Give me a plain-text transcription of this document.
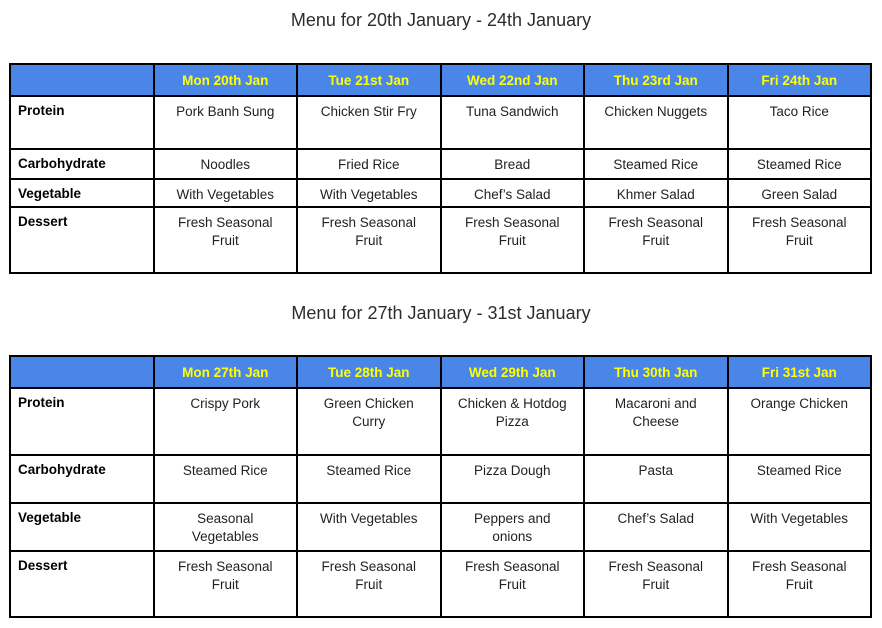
Menu for 20th January - 24th January
	Mon 20th Jan	Tue 21st Jan	Wed 22nd Jan	Thu 23rd Jan	Fri 24th Jan
Protein	Pork Banh Sung	Chicken Stir Fry	Tuna Sandwich	Chicken Nuggets	Taco Rice
Carbohydrate	Noodles	Fried Rice	Bread	Steamed Rice	Steamed Rice
Vegetable	With Vegetables	With Vegetables	Chef’s Salad	Khmer Salad	Green Salad
Dessert	Fresh Seasonal Fruit	Fresh Seasonal Fruit	Fresh Seasonal Fruit	Fresh Seasonal Fruit	Fresh Seasonal Fruit
Menu for 27th January - 31st January
	Mon 27th Jan	Tue 28th Jan	Wed 29th Jan	Thu 30th Jan	Fri 31st Jan
Protein	Crispy Pork	Green Chicken Curry	Chicken & Hotdog Pizza	Macaroni and Cheese	Orange Chicken
Carbohydrate	Steamed Rice	Steamed Rice	Pizza Dough	Pasta	Steamed Rice
Vegetable	Seasonal Vegetables	With Vegetables	Peppers and onions	Chef’s Salad	With Vegetables
Dessert	Fresh Seasonal Fruit	Fresh Seasonal Fruit	Fresh Seasonal Fruit	Fresh Seasonal Fruit	Fresh Seasonal Fruit
